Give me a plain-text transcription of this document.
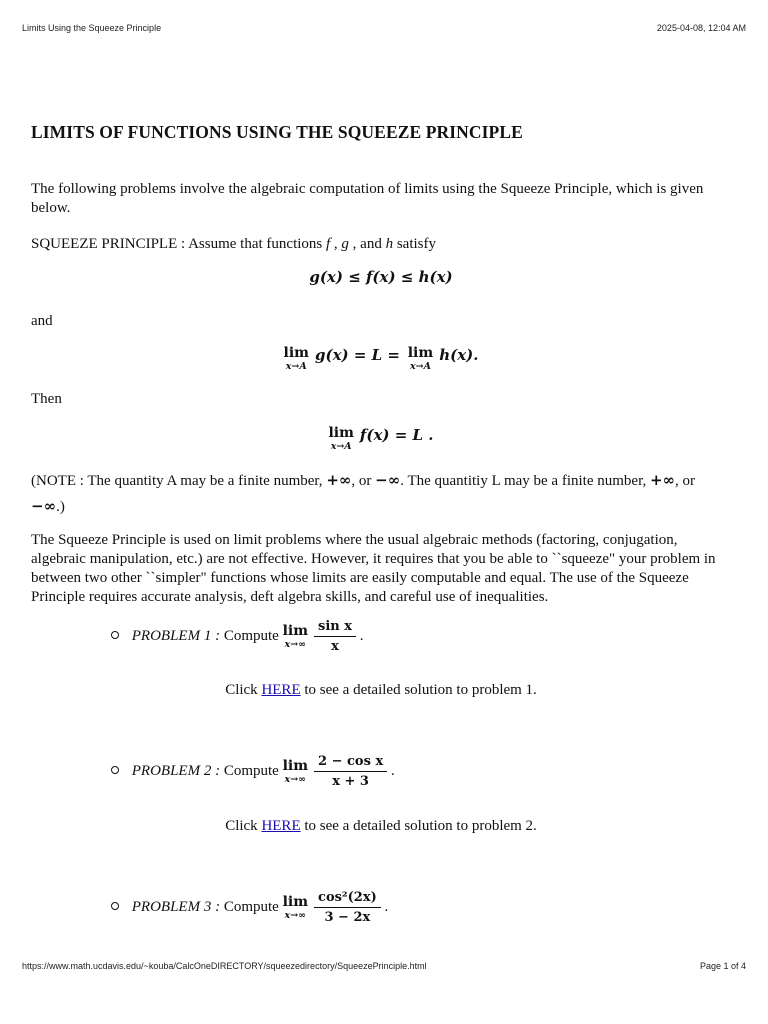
Limits Using the Squeeze Principle	2025-04-08, 12:04 AM
LIMITS OF FUNCTIONS USING THE SQUEEZE PRINCIPLE

The following problems involve the algebraic computation of limits using the Squeeze Principle, which is given below.

SQUEEZE PRINCIPLE : Assume that functions f , g , and h satisfy

g(x) ≤ f(x) ≤ h(x)

and

lim
x→A
g(x) = L = lim
x→A
h(x).

Then

lim
x→A
f(x) = L .

(NOTE : The quantity A may be a finite number, +∞, or −∞. The quantitiy L may be a finite number, +∞, or −∞.)

The Squeeze Principle is used on limit problems where the usual algebraic methods (factoring, conjugation, algebraic manipulation, etc.) are not effective. However, it requires that you be able to ``squeeze" your problem in between two other ``simpler" functions whose limits are easily computable and equal. The use of the Squeeze Principle requires accurate analysis, deft algebra skills, and careful use of inequalities.

PROBLEM 1 : Compute lim
$x\to\infty \frac{\text{sin x}}{x}$ .
Click HERE to see a detailed solution to problem 1.
PROBLEM 2 : Compute lim
$x\to\infty \frac{\text{2 − cos x}}{x + 3}$ .
Click HERE to see a detailed solution to problem 2.
PROBLEM 3 : Compute lim
$x\to\infty \frac{\text{cos²(2x)}}{3 - 2x}$ .
https://www.math.ucdavis.edu/~kouba/CalcOneDIRECTORY/squeezedirectory/SqueezePrinciple.html	Page 1 of 4
